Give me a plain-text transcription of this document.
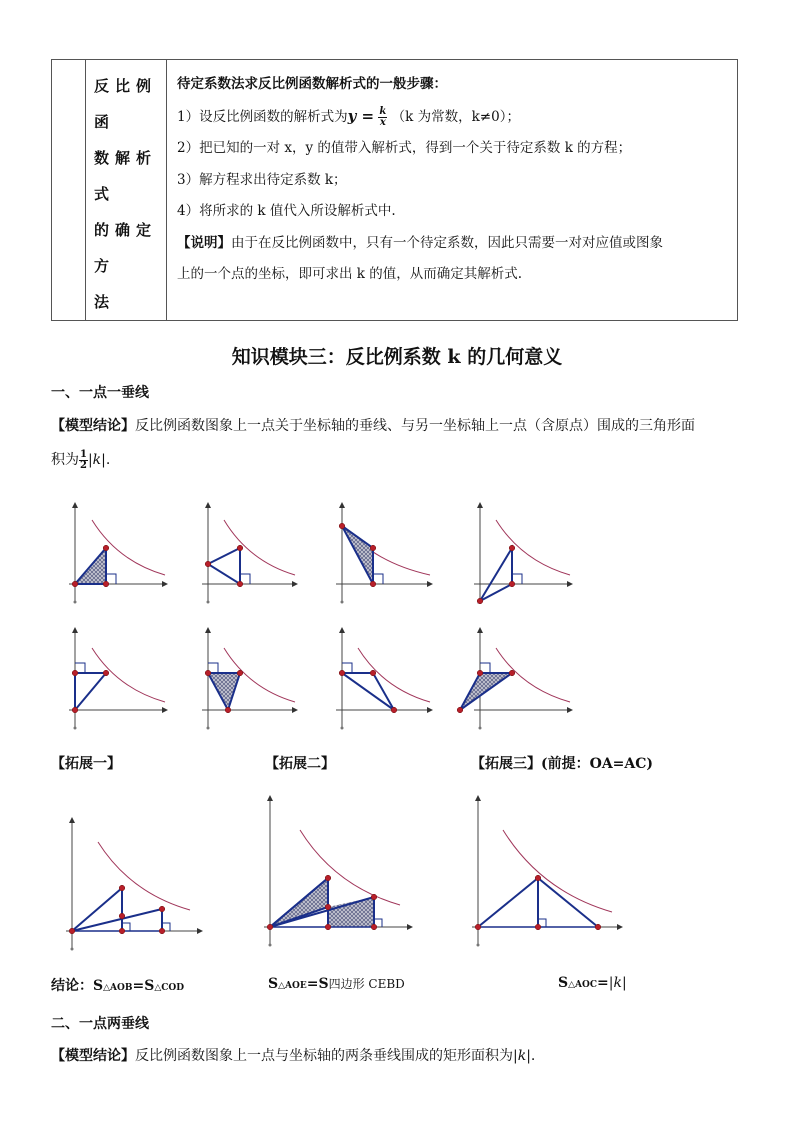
反比例函
数解析式
的确定方
法

待定系数法求反比例函数解析式的一般步骤：

1）设反比例函数的解析式为$y = \frac{k}{x} (k$ 为常数，k≠0）；

2）把已知的一对 x，y 的值带入解析式，得到一个关于待定系数 k 的方程；

3）解方程求出待定系数 k；

4）将所求的 k 值代入所设解析式中.

【说明】由于在反比例函数中，只有一个待定系数，因此只需要一对对应值或图象

上的一个点的坐标，即可求出 k 的值，从而确定其解析式.

知识模块三：反比例系数 k 的几何意义
一、一点一垂线
【模型结论】反比例函数图象上一点关于坐标轴的垂线、与另一坐标轴上一点（含原点）围成的三角形面
积为 $\frac{1}{2} |k|$.
【拓展一】	【拓展二】	【拓展三】(前提：OA=AC)
结论：S△AOB=S△COD	S△AOE=S四边形 CEBD	S△AOC=|k|
二、一点两垂线
【模型结论】反比例函数图象上一点与坐标轴的两条垂线围成的矩形面积为|k|.
